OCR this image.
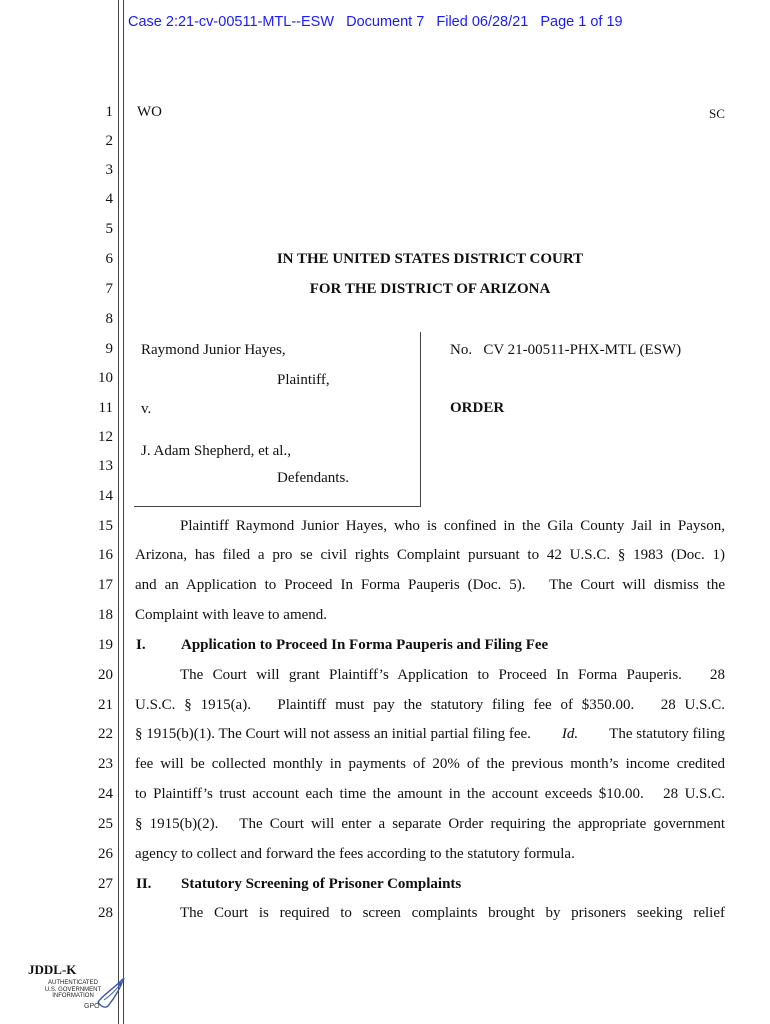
Case 2:21-cv-00511-MTL--ESW   Document 7   Filed 06/28/21   Page 1 of 19
1
2
3
4
5
6
7
8
9
10
11
12
13
14
15
16
17
18
19
20
21
22
23
24
25
26
27
28
WO	SC
IN THE UNITED STATES DISTRICT COURT
FOR THE DISTRICT OF ARIZONA
Raymond Junior Hayes,
Plaintiff,
v.
J. Adam Shepherd, et al.,
Defendants.
No.   CV 21-00511-PHX-MTL (ESW)
ORDER
Plaintiff Raymond Junior Hayes, who is confined in the Gila County Jail in Payson,
Arizona, has filed a pro se civil rights Complaint pursuant to 42 U.S.C. § 1983 (Doc. 1)
and an Application to Proceed In Forma Pauperis (Doc. 5).   The Court will dismiss the
Complaint with leave to amend.
I. Application to Proceed In Forma Pauperis and Filing Fee
The Court will grant Plaintiff’s Application to Proceed In Forma Pauperis.   28
U.S.C. § 1915(a).   Plaintiff must pay the statutory filing fee of $350.00.   28 U.S.C.
§ 1915(b)(1). The Court will not assess an initial partial filing fee. Id. The statutory filing
fee will be collected monthly in payments of 20% of the previous month’s income credited
to Plaintiff’s trust account each time the amount in the account exceeds $10.00.   28 U.S.C.
§ 1915(b)(2).   The Court will enter a separate Order requiring the appropriate government
agency to collect and forward the fees according to the statutory formula.
II. Statutory Screening of Prisoner Complaints
The Court is required to screen complaints brought by prisoners seeking relief
JDDL-K
AUTHENTICATED U.S. GOVERNMENT INFORMATION
GPO
